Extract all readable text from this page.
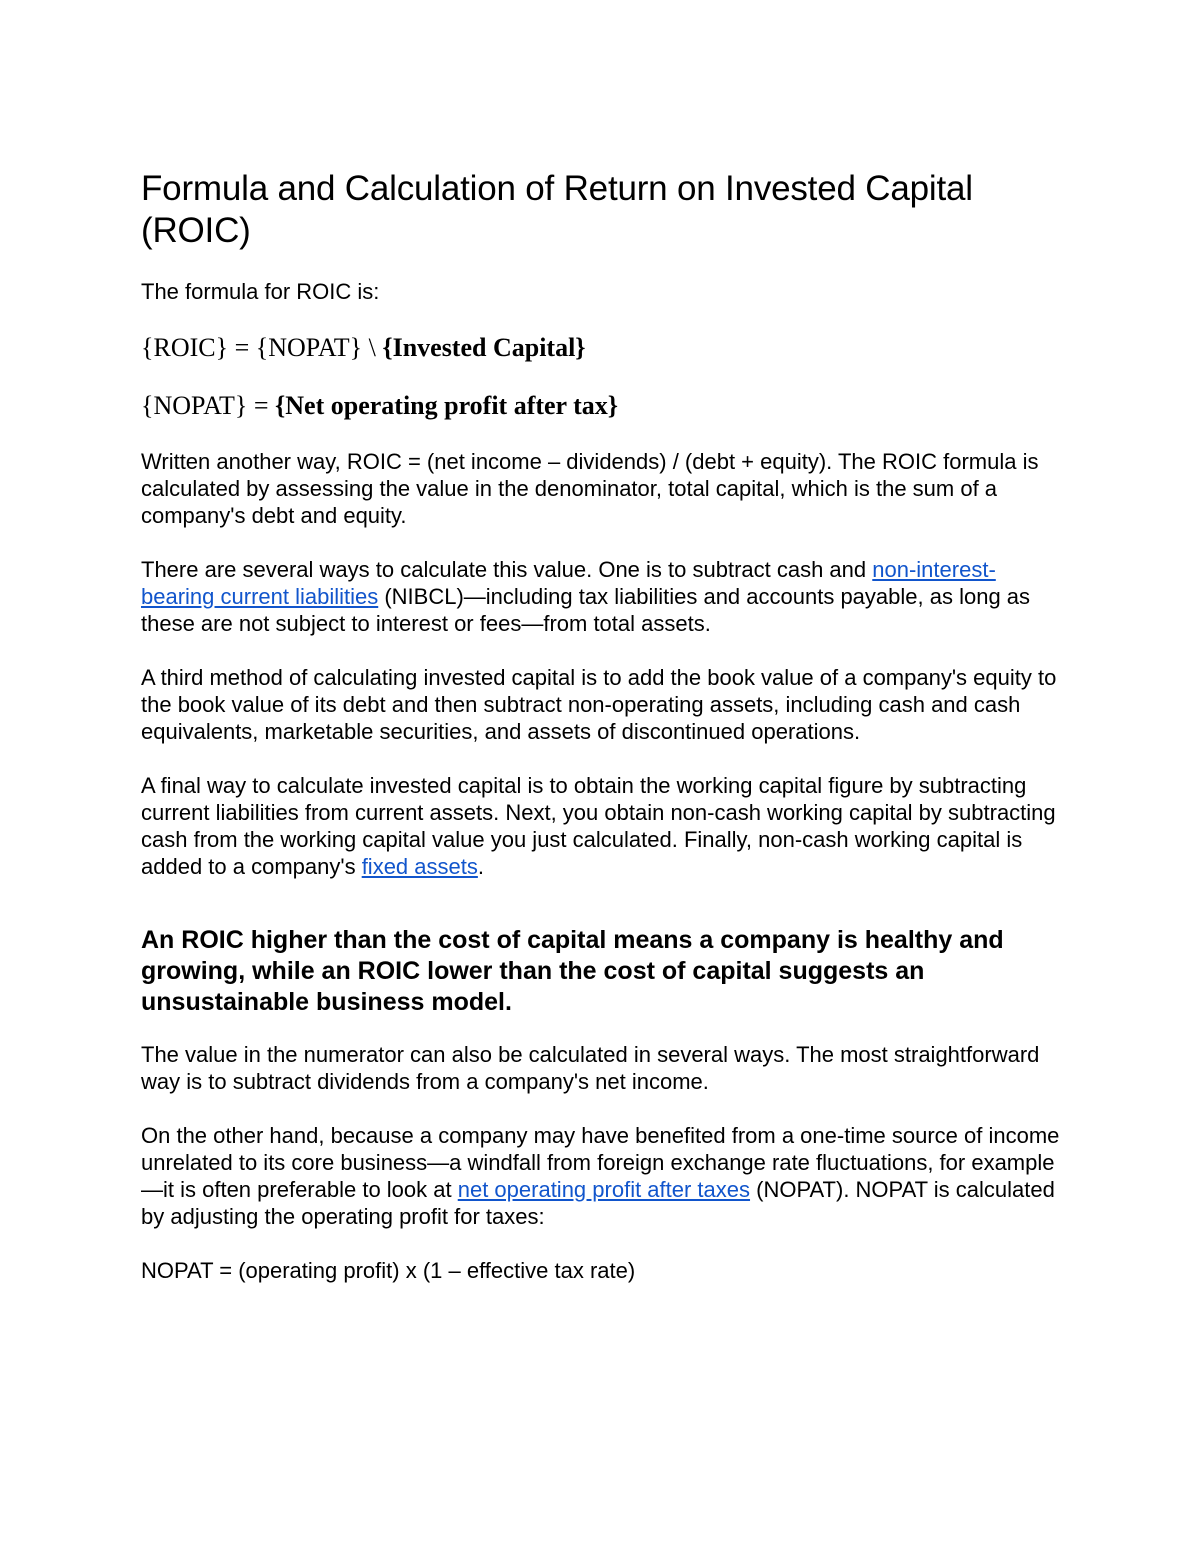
Formula and Calculation of Return on Invested Capital (ROIC)

The formula for ROIC is:

{ROIC} = {NOPAT} \ {Invested Capital}

{NOPAT} = {Net operating profit after tax}

Written another way, ROIC = (net income – dividends) / (debt + equity). The ROIC formula is calculated by assessing the value in the denominator, total capital, which is the sum of a company's debt and equity.

There are several ways to calculate this value. One is to subtract cash and non-interest-bearing current liabilities (NIBCL)—including tax liabilities and accounts payable, as long as these are not subject to interest or fees—from total assets.

A third method of calculating invested capital is to add the book value of a company's equity to the book value of its debt and then subtract non-operating assets, including cash and cash equivalents, marketable securities, and assets of discontinued operations.

A final way to calculate invested capital is to obtain the working capital figure by subtracting current liabilities from current assets. Next, you obtain non-cash working capital by subtracting cash from the working capital value you just calculated. Finally, non-cash working capital is added to a company's fixed assets.

An ROIC higher than the cost of capital means a company is healthy and growing, while an ROIC lower than the cost of capital suggests an unsustainable business model.

The value in the numerator can also be calculated in several ways. The most straightforward way is to subtract dividends from a company's net income.

On the other hand, because a company may have benefited from a one-time source of income unrelated to its core business—a windfall from foreign exchange rate fluctuations, for example—it is often preferable to look at net operating profit after taxes (NOPAT). NOPAT is calculated by adjusting the operating profit for taxes:

NOPAT = (operating profit) x (1 – effective tax rate)
